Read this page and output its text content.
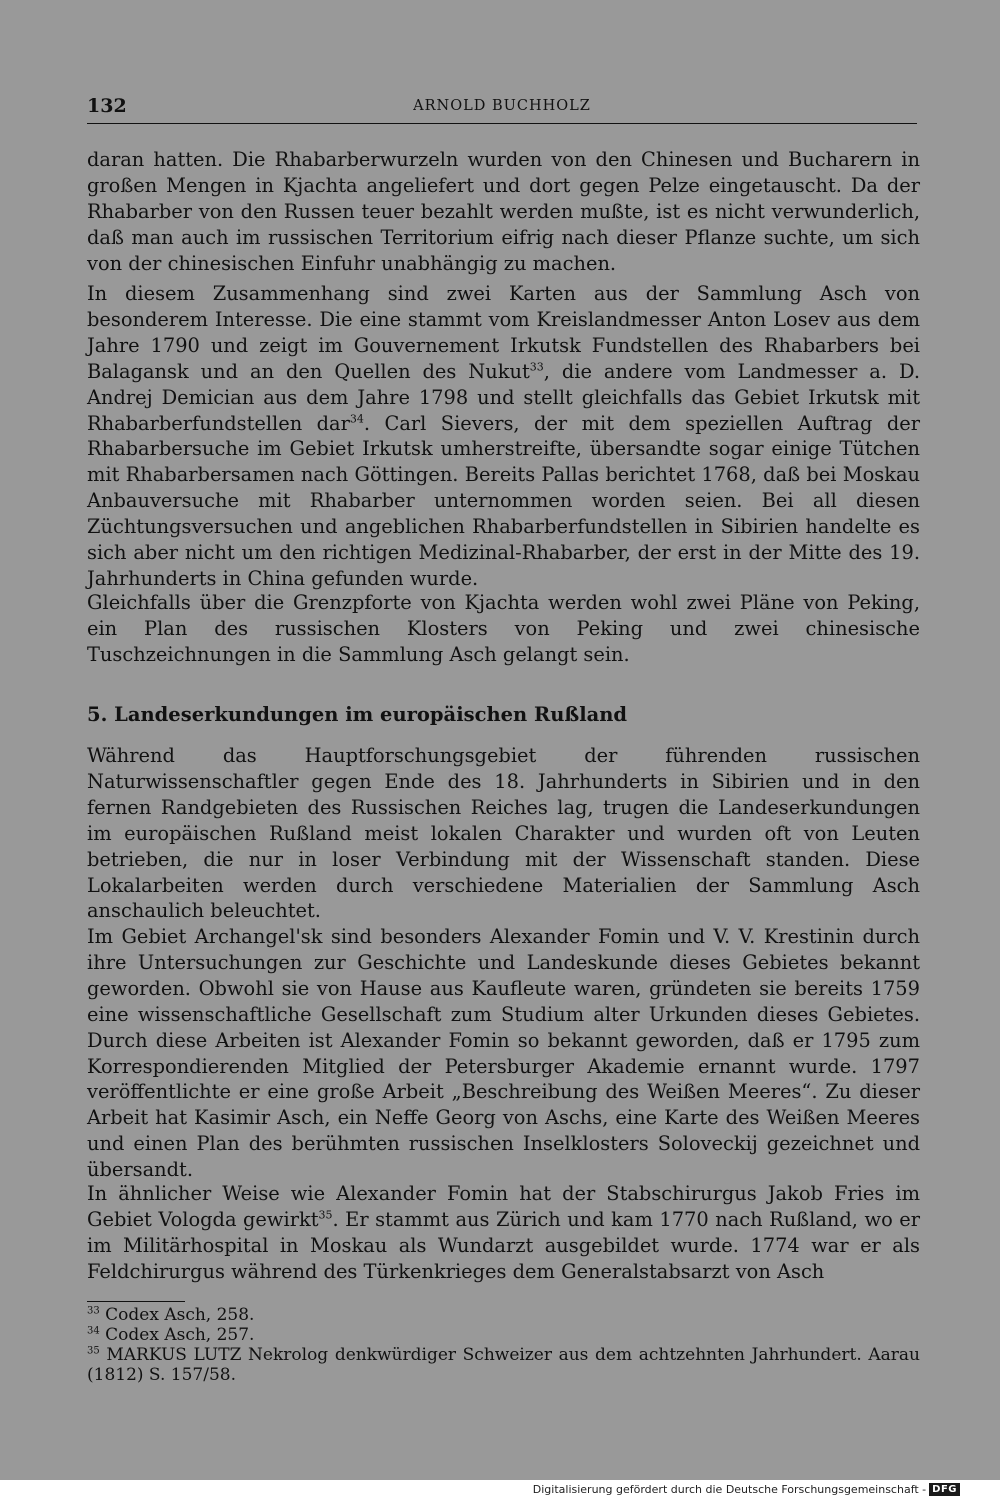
132	ARNOLD BUCHHOLZ

daran hatten. Die Rhabarberwurzeln wurden von den Chinesen und Bucharern in großen Mengen in Kjachta angeliefert und dort gegen Pelze eingetauscht. Da der Rhabarber von den Russen teuer bezahlt werden mußte, ist es nicht verwunderlich, daß man auch im russischen Territorium eifrig nach dieser Pflanze suchte, um sich von der chinesischen Einfuhr unabhängig zu machen.

In diesem Zusammenhang sind zwei Karten aus der Sammlung Asch von besonderem Interesse. Die eine stammt vom Kreislandmesser Anton Losev aus dem Jahre 1790 und zeigt im Gouvernement Irkutsk Fundstellen des Rhabarbers bei Balagansk und an den Quellen des Nukut$^{33}$, die andere vom Landmesser a. D. Andrej Demician aus dem Jahre 1798 und stellt gleichfalls das Gebiet Irkutsk mit Rhabarberfundstellen dar$^{34}$. Carl Sievers, der mit dem speziellen Auftrag der Rhabarbersuche im Gebiet Irkutsk umherstreifte, übersandte sogar einige Tütchen mit Rhabarbersamen nach Göttingen. Bereits Pallas berichtet 1768, daß bei Moskau Anbauversuche mit Rhabarber unternommen worden seien. Bei all diesen Züchtungsversuchen und angeblichen Rhabarberfundstellen in Sibirien handelte es sich aber nicht um den richtigen Medizinal-Rhabarber, der erst in der Mitte des 19. Jahrhunderts in China gefunden wurde.

Gleichfalls über die Grenzpforte von Kjachta werden wohl zwei Pläne von Peking, ein Plan des russischen Klosters von Peking und zwei chinesische Tuschzeichnungen in die Sammlung Asch gelangt sein.

5. Landeserkundungen im europäischen Rußland

Während das Hauptforschungsgebiet der führenden russischen Naturwissenschaftler gegen Ende des 18. Jahrhunderts in Sibirien und in den fernen Randgebieten des Russischen Reiches lag, trugen die Landeserkundungen im europäischen Rußland meist lokalen Charakter und wurden oft von Leuten betrieben, die nur in loser Verbindung mit der Wissenschaft standen. Diese Lokalarbeiten werden durch verschiedene Materialien der Sammlung Asch anschaulich beleuchtet.

Im Gebiet Archangel'sk sind besonders Alexander Fomin und V. V. Krestinin durch ihre Untersuchungen zur Geschichte und Landeskunde dieses Gebietes bekannt geworden. Obwohl sie von Hause aus Kaufleute waren, gründeten sie bereits 1759 eine wissenschaftliche Gesellschaft zum Studium alter Urkunden dieses Gebietes. Durch diese Arbeiten ist Alexander Fomin so bekannt geworden, daß er 1795 zum Korrespondierenden Mitglied der Petersburger Akademie ernannt wurde. 1797 veröffentlichte er eine große Arbeit „Beschreibung des Weißen Meeres“. Zu dieser Arbeit hat Kasimir Asch, ein Neffe Georg von Aschs, eine Karte des Weißen Meeres und einen Plan des berühmten russischen Inselklosters Soloveckij gezeichnet und übersandt.

In ähnlicher Weise wie Alexander Fomin hat der Stabschirurgus Jakob Fries im Gebiet Vologda gewirkt$^{35}$. Er stammt aus Zürich und kam 1770 nach Rußland, wo er im Militärhospital in Moskau als Wundarzt ausgebildet wurde. 1774 war er als Feldchirurgus während des Türkenkrieges dem Generalstabsarzt von Asch

$^{33}$ Codex Asch, 258.

$^{34}$ Codex Asch, 257.

$^{35}$ MARKUS LUTZ Nekrolog denkwürdiger Schweizer aus dem achtzehnten Jahrhundert. Aarau (1812) S. 157/58.

Digitalisierung gefördert durch die Deutsche Forschungsgemeinschaft - DFG
